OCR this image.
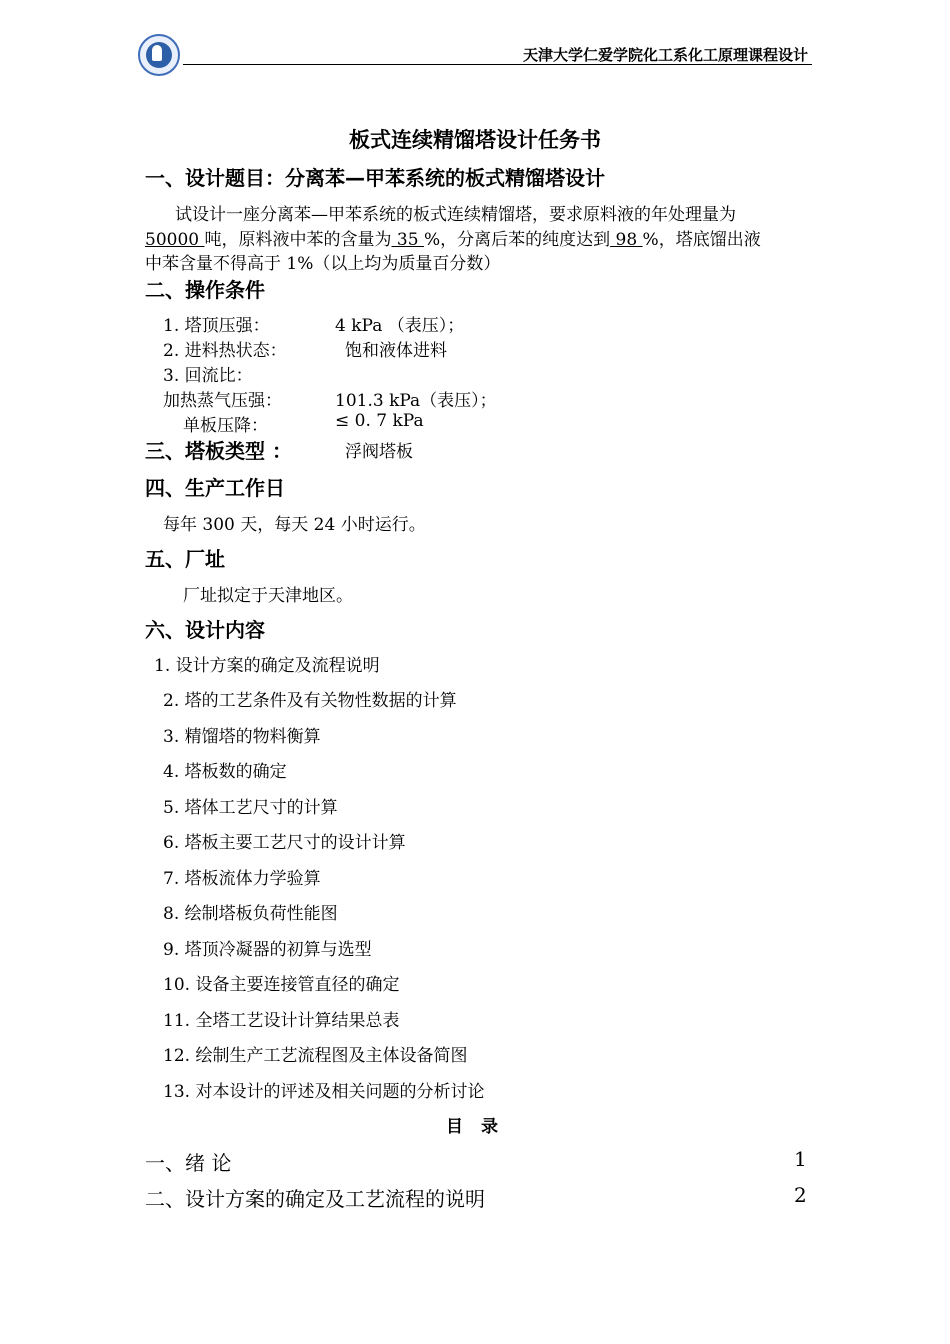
天津大学仁爱学院化工系化工原理课程设计
板式连续精馏塔设计任务书
一、设计题目：分离苯—甲苯系统的板式精馏塔设计
试设计一座分离苯—甲苯系统的板式连续精馏塔，要求原料液的年处理量为
50000 吨，原料液中苯的含量为 35 %，分离后苯的纯度达到 98 %，塔底馏出液
中苯含量不得高于 1%（以上均为质量百分数）
二、操作条件
1. 塔顶压强：	4 kPa （表压）；
2. 进料热状态：	饱和液体进料
3. 回流比：
加热蒸气压强：	101.3 kPa（表压）；
单板压降：	≤ 0. 7 kPa
三、塔板类型 ：	浮阀塔板
四、生产工作日
每年 300 天，每天 24 小时运行。
五、厂址
厂址拟定于天津地区。
六、设计内容
1. 设计方案的确定及流程说明
2. 塔的工艺条件及有关物性数据的计算
3. 精馏塔的物料衡算
4. 塔板数的确定
5. 塔体工艺尺寸的计算
6. 塔板主要工艺尺寸的设计计算
7. 塔板流体力学验算
8. 绘制塔板负荷性能图
9. 塔顶冷凝器的初算与选型
10. 设备主要连接管直径的确定
11. 全塔工艺设计计算结果总表
12. 绘制生产工艺流程图及主体设备简图
13. 对本设计的评述及相关问题的分析讨论
目 录
一、绪 论	1
二、设计方案的确定及工艺流程的说明	2
